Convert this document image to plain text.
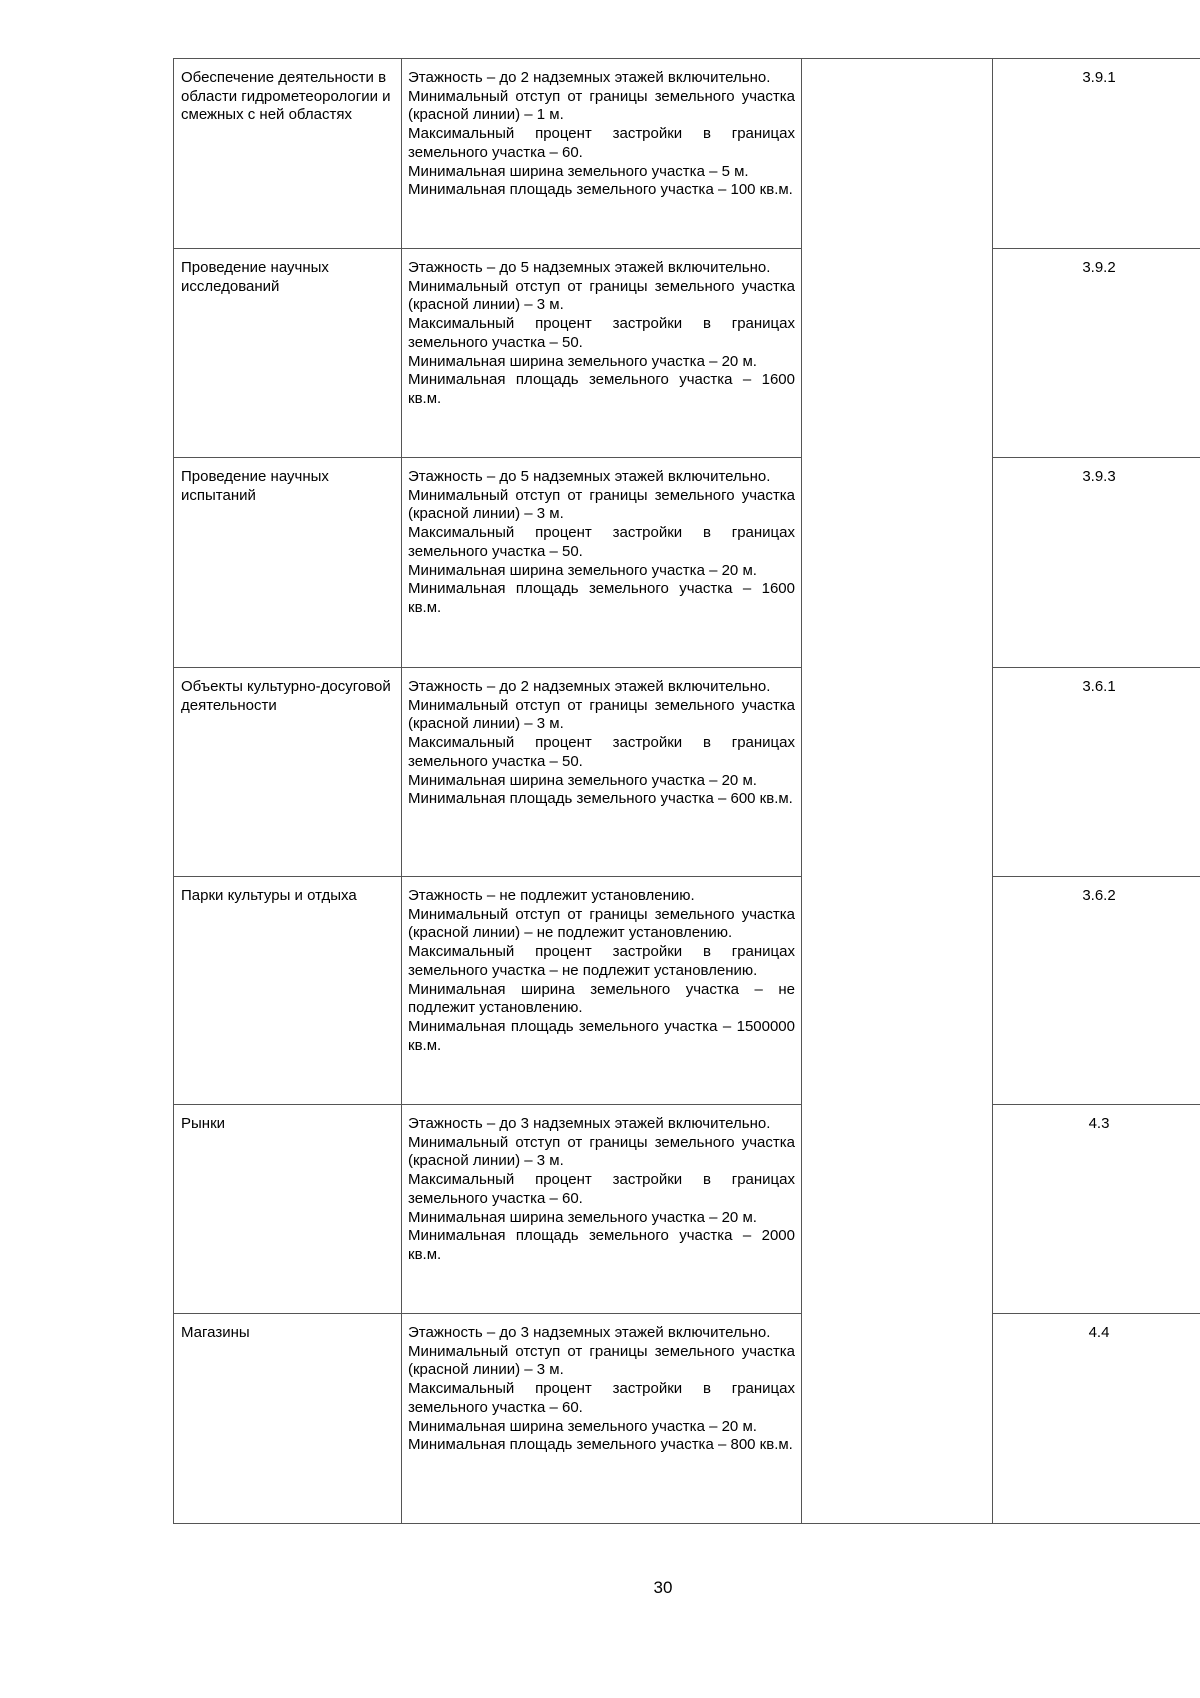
Обеспечение деятельности в области гидрометеорологии и смежных с ней областях	Этажность – до 2 надземных этажей включительно.
Минимальный отступ от границы земельного участка (красной линии) – 1 м.
Максимальный процент застройки в границах земельного участка – 60.
Минимальная ширина земельного участка – 5 м.
Минимальная площадь земельного участка – 100 кв.м.		3.9.1
Проведение научных исследований	Этажность – до 5 надземных этажей включительно.
Минимальный отступ от границы земельного участка (красной линии) – 3 м.
Максимальный процент застройки в границах земельного участка – 50.
Минимальная ширина земельного участка – 20 м.
Минимальная площадь земельного участка – 1600 кв.м.		3.9.2
Проведение научных испытаний	Этажность – до 5 надземных этажей включительно.
Минимальный отступ от границы земельного участка (красной линии) – 3 м.
Максимальный процент застройки в границах земельного участка – 50.
Минимальная ширина земельного участка – 20 м.
Минимальная площадь земельного участка – 1600 кв.м.		3.9.3
Объекты культурно-досуговой деятельности	Этажность – до 2 надземных этажей включительно.
Минимальный отступ от границы земельного участка (красной линии) – 3 м.
Максимальный процент застройки в границах земельного участка – 50.
Минимальная ширина земельного участка – 20 м.
Минимальная площадь земельного участка – 600 кв.м.		3.6.1
Парки культуры и отдыха	Этажность – не подлежит установлению.
Минимальный отступ от границы земельного участка (красной линии) – не подлежит установлению.
Максимальный процент застройки в границах земельного участка – не подлежит установлению.
Минимальная ширина земельного участка – не подлежит установлению.
Минимальная площадь земельного участка – 1500000 кв.м.		3.6.2
Рынки	Этажность – до 3 надземных этажей включительно.
Минимальный отступ от границы земельного участка (красной линии) – 3 м.
Максимальный процент застройки в границах земельного участка – 60.
Минимальная ширина земельного участка – 20 м.
Минимальная площадь земельного участка – 2000 кв.м.		4.3
Магазины	Этажность – до 3 надземных этажей включительно.
Минимальный отступ от границы земельного участка (красной линии) – 3 м.
Максимальный процент застройки в границах земельного участка – 60.
Минимальная ширина земельного участка – 20 м.
Минимальная площадь земельного участка – 800 кв.м.		4.4
30
